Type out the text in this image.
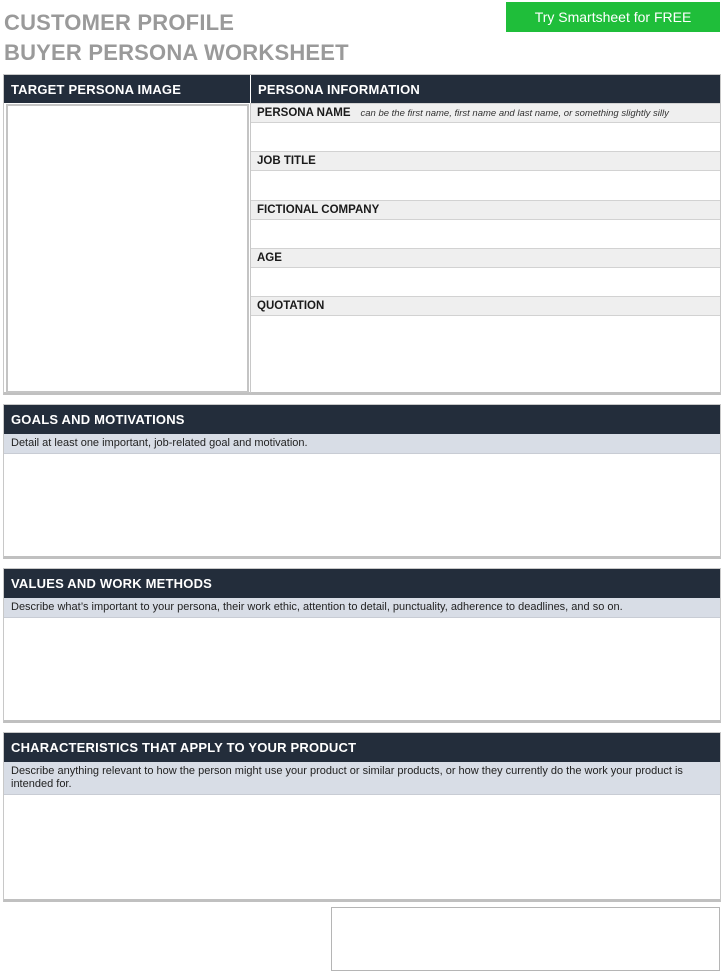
CUSTOMER PROFILE
BUYER PERSONA WORKSHEET
Try Smartsheet for FREE
TARGET PERSONA IMAGE	PERSONA INFORMATION
PERSONA NAME can be the first name, first name and last name, or something slightly silly
JOB TITLE
FICTIONAL COMPANY
AGE
QUOTATION
GOALS AND MOTIVATIONS
Detail at least one important, job-related goal and motivation.
VALUES AND WORK METHODS
Describe what’s important to your persona, their work ethic, attention to detail, punctuality, adherence to deadlines, and so on.
CHARACTERISTICS THAT APPLY TO YOUR PRODUCT
Describe anything relevant to how the person might use your product or similar products, or how they currently do the work your product is intended for.
